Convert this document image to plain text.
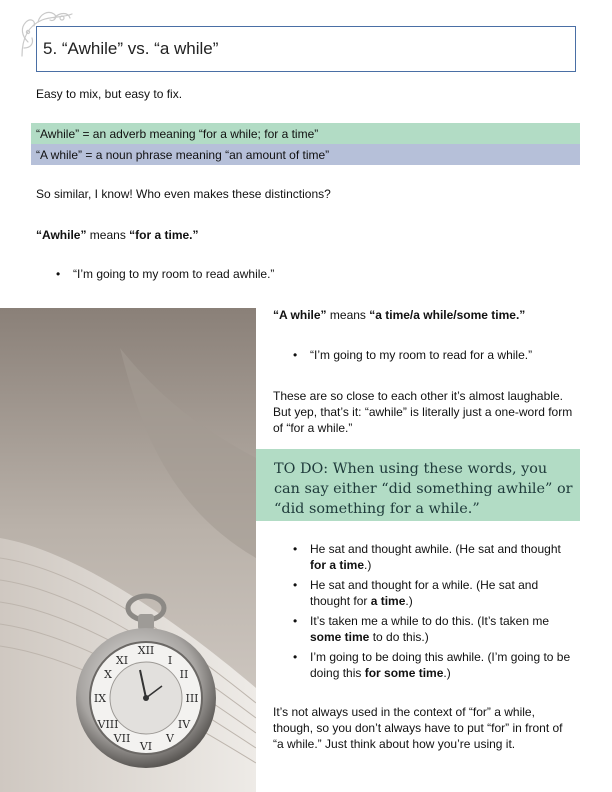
5. “Awhile” vs. “a while”
Easy to mix, but easy to fix.
“Awhile” = an adverb meaning “for a while; for a time”
“A while” = a noun phrase meaning “an amount of time”
So similar, I know! Who even makes these distinctions?
“Awhile” means “for a time.”
• “I’m going to my room to read awhile.”
XII
III
VI
IX
I
II
IV
V
VII
VIII
X
XI
“A while” means “a time/a while/some time.”
• “I’m going to my room to read for a while.”
These are so close to each other it’s almost laughable. But yep, that’s it: “awhile” is literally just a one-word form of “for a while.”
TO DO: When using these words, you can say either “did something awhile” or “did something for a while.”
• He sat and thought awhile. (He sat and thought for a time.)
• He sat and thought for a while. (He sat and thought for a time.)
• It’s taken me a while to do this. (It’s taken me some time to do this.)
• I’m going to be doing this awhile. (I’m going to be doing this for some time.)
It’s not always used in the context of “for” a while, though, so you don’t always have to put “for” in front of “a while.” Just think about how you’re using it.
